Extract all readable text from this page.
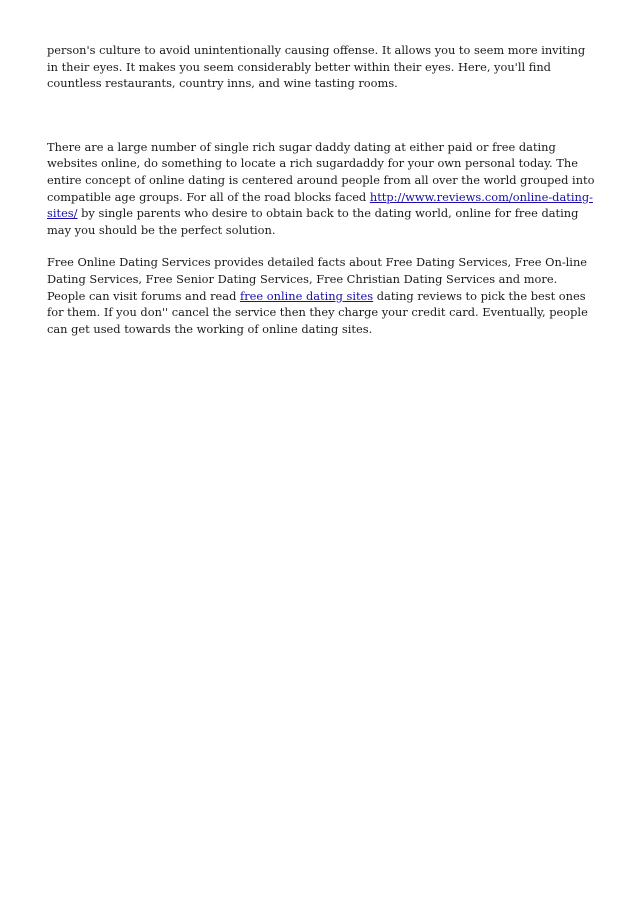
person's culture to avoid unintentionally causing offense. It allows you to seem more inviting in their eyes. It makes you seem considerably better within their eyes. Here, you'll find countless restaurants, country inns, and wine tasting rooms.

There are a large number of single rich sugar daddy dating at either paid or free dating websites online, do something to locate a rich sugardaddy for your own personal today. The entire concept of online dating is centered around people from all over the world grouped into compatible age groups. For all of the road blocks faced http://www.reviews.com/online-dating-sites/ by single parents who desire to obtain back to the dating world, online for free dating may you should be the perfect solution.

Free Online Dating Services provides detailed facts about Free Dating Services, Free On-line Dating Services, Free Senior Dating Services, Free Christian Dating Services and more. People can visit forums and read free online dating sites dating reviews to pick the best ones for them. If you don'' cancel the service then they charge your credit card. Eventually, people can get used towards the working of online dating sites.
